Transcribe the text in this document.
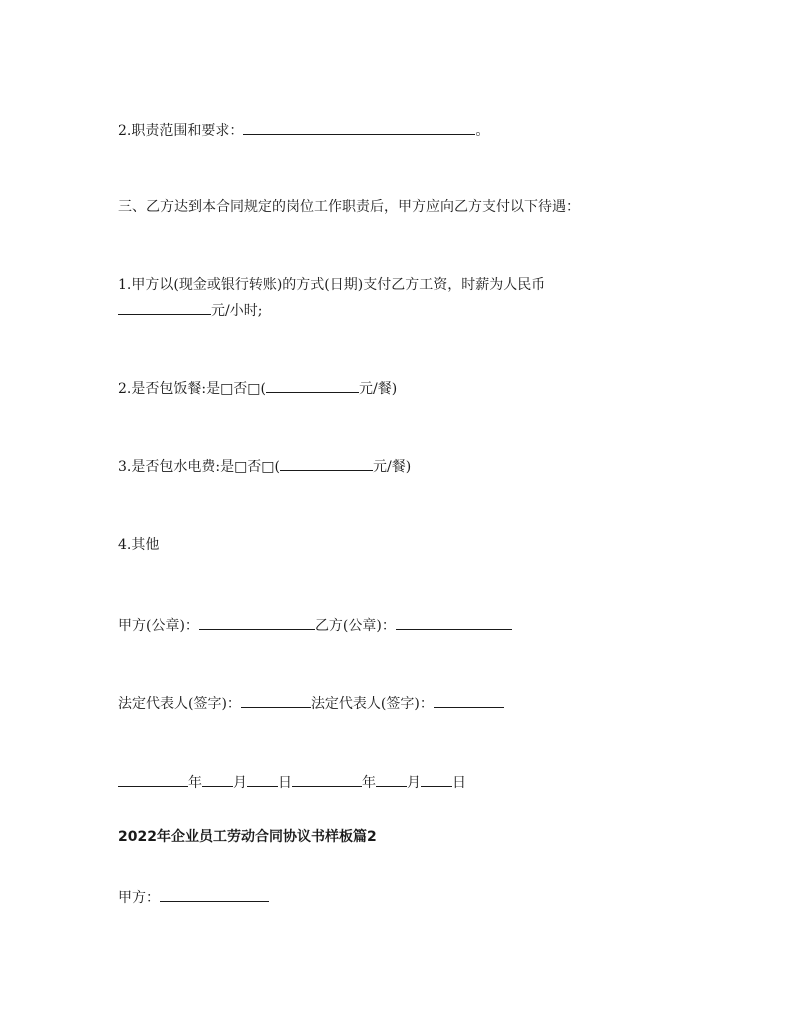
2.职责范围和要求：	。
三、乙方达到本合同规定的岗位工作职责后，甲方应向乙方支付以下待遇：
1.甲方以(现金或银行转账)的方式(日期)支付乙方工资，时薪为人民币
元/小时;
2.是否包饭餐:是□否□(	元/餐)
3.是否包水电费:是□否□(	元/餐)
4.其他
甲方(公章)：	乙方(公章)：
法定代表人(签字)：	法定代表人(签字)：
年 月 日	年 月 日
2022年企业员工劳动合同协议书样板篇2
甲方：
